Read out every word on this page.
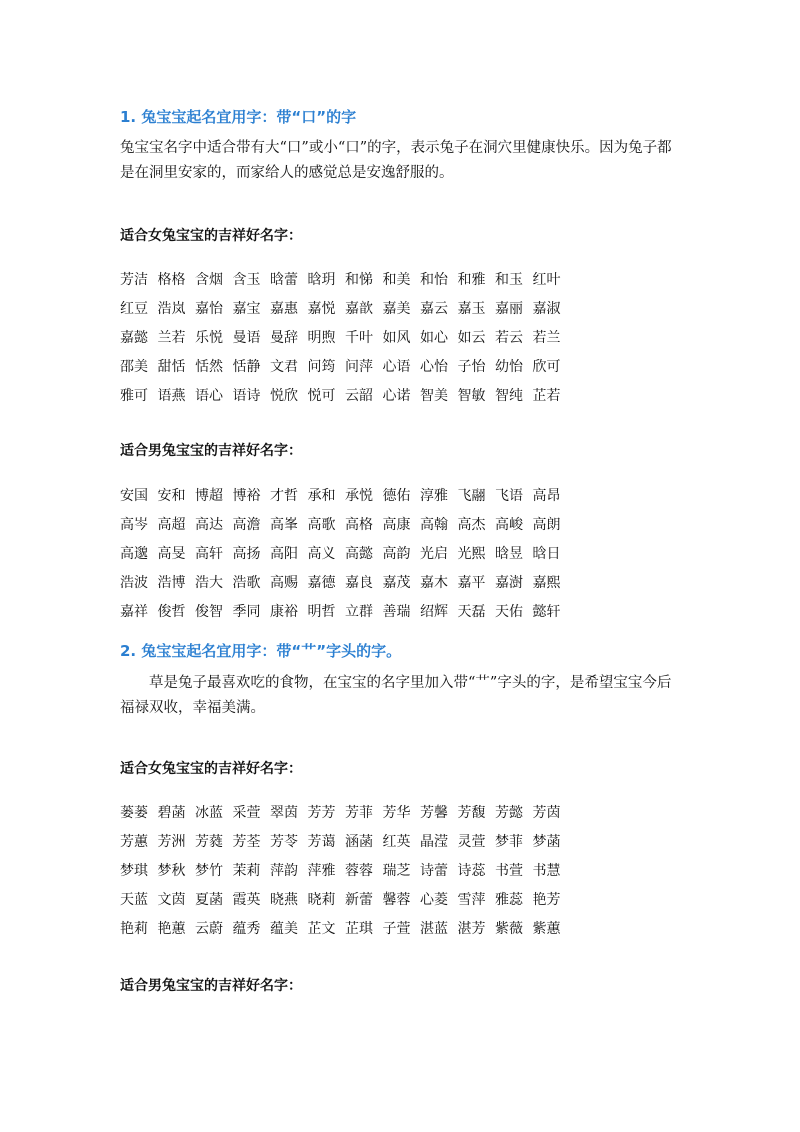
1. 兔宝宝起名宜用字：带“口”的字
兔宝宝名字中适合带有大“口”或小“口”的字，表示兔子在洞穴里健康快乐。因为兔子都是在洞里安家的，而家给人的感觉总是安逸舒服的。
适合女兔宝宝的吉祥好名字：
芳洁 格格 含烟 含玉 晗蕾 晗玥 和悌 和美 和怡 和雅 和玉 红叶
红豆 浩岚 嘉怡 嘉宝 嘉惠 嘉悦 嘉歆 嘉美 嘉云 嘉玉 嘉丽 嘉淑
嘉懿 兰若 乐悦 曼语 曼辞 明煦 千叶 如风 如心 如云 若云 若兰
邵美 甜恬 恬然 恬静 文君 问筠 问萍 心语 心怡 子怡 幼怡 欣可
雅可 语燕 语心 语诗 悦欣 悦可 云韶 心诺 智美 智敏 智纯 芷若
适合男兔宝宝的吉祥好名字：
安国 安和 博超 博裕 才哲 承和 承悦 德佑 淳雅 飞翮 飞语 高昂
高岑 高超 高达 高澹 高峯 高歌 高格 高康 高翰 高杰 高峻 高朗
高邈 高旻 高轩 高扬 高阳 高义 高懿 高韵 光启 光熙 晗昱 晗日
浩波 浩博 浩大 浩歌 高赐 嘉德 嘉良 嘉茂 嘉木 嘉平 嘉澍 嘉熙
嘉祥 俊哲 俊智 季同 康裕 明哲 立群 善瑞 绍辉 天磊 天佑 懿轩
2. 兔宝宝起名宜用字：带“艹”字头的字。
草是兔子最喜欢吃的食物，在宝宝的名字里加入带“艹”字头的字，是希望宝宝今后福禄双收，幸福美满。
适合女兔宝宝的吉祥好名字：
蒌蒌 碧菡 冰蓝 采萱 翠茵 芳芳 芳菲 芳华 芳馨 芳馥 芳懿 芳茵
芳蕙 芳洲 芳蕤 芳荃 芳苓 芳蔼 涵菡 红英 晶滢 灵萱 梦菲 梦菡
梦琪 梦秋 梦竹 茉莉 萍韵 萍雅 蓉蓉 瑞芝 诗蕾 诗蕊 书萱 书慧
天蓝 文茵 夏菡 霞英 晓燕 晓莉 新蕾 馨蓉 心菱 雪萍 雅蕊 艳芳
艳莉 艳蕙 云蔚 蕴秀 蕴美 芷文 芷琪 子萱 湛蓝 湛芳 紫薇 紫蕙
适合男兔宝宝的吉祥好名字：
